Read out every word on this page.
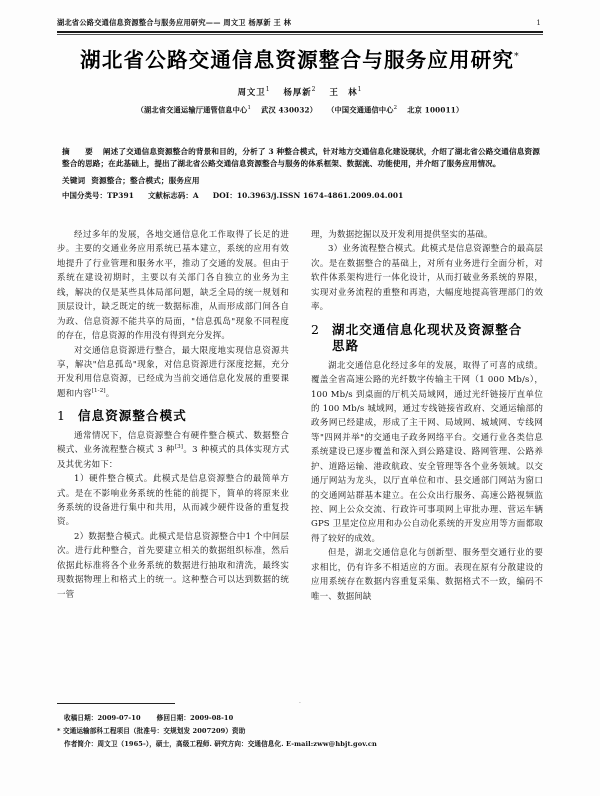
湖北省公路交通信息资源整合与服务应用研究—— 周文卫 杨厚新 王 林	1
湖北省公路交通信息资源整合与服务应用研究*
周文卫$^1$ 杨厚新$^2$ 王　林$^1$
（湖北省交通运输厅通管信息中心$^1$ 武汉 430032） （中国交通通信中心$^2$ 北京 100011）
摘　要 阐述了交通信息资源整合的背景和目的，分析了 3 种整合模式，针对地方交通信息化建设现状，介绍了湖北省公路交通信息资源整合的思路；在此基础上，提出了湖北省公路交通信息资源整合与服务的体系框架、数据流、功能使用，并介绍了服务应用情况。
关键词 资源整合；整合模式；服务应用
中国分类号：TP391 文献标志码：A DOI：10.3963/j.ISSN 1674-4861.2009.04.001

经过多年的发展，各地交通信息化工作取得了长足的进步。主要的交通业务应用系统已基本建立，系统的应用有效地提升了行业管理和服务水平，推动了交通的发展。但由于系统在建设初期时，主要以有关部门各自独立的业务为主线，解决的仅是某些具体局部问题，缺乏全局的统一规划和顶层设计，缺乏既定的统一数据标准，从而形成部门间各自为政、信息资源不能共享的局面，"信息孤岛"现象不同程度的存在，信息资源的作用没有得到充分发挥。

对交通信息资源进行整合，最大限度地实现信息资源共享，解决"信息孤岛"现象，对信息资源进行深度挖掘，充分开发利用信息资源，已经成为当前交通信息化发展的重要课题和内容[1-2]。

1 信息资源整合模式

通常情况下，信息资源整合有硬件整合模式、数据整合模式、业务流程整合模式 3 种[3]。3 种模式的具体实现方式及其优劣如下：

1）硬件整合模式。此模式是信息资源整合的最简单方式。是在不影响业务系统的性能的前提下，简单的将原来业务系统的设备进行集中和共用，从而减少硬件设备的重复投资。

2）数据整合模式。此模式是信息资源整合中1 个中间层次。进行此种整合，首先要建立相关的数据组织标准，然后依据此标准将各个业务系统的数据进行抽取和清洗，最终实现数据物理上和格式上的统一。这种整合可以达到数据的统一管

理，为数据挖掘以及开发利用提供坚实的基础。

3）业务流程整合模式。此模式是信息资源整合的最高层次。是在数据整合的基础上，对所有业务进行全面分析，对软件体系架构进行一体化设计，从而打破业务系统的界限，实现对业务流程的重整和再造，大幅度地提高管理部门的效率。

2 湖北交通信息化现状及资源整合
思路

湖北交通信息化经过多年的发展，取得了可喜的成绩。覆盖全省高速公路的光纤数字传输主干网（1 000 Mb/s），100 Mb/s 到桌面的厅机关局域网，通过光纤链接厅直单位的 100 Mb/s 城域网，通过专线链接省政府、交通运输部的政务网已经建成，形成了主干网、局域网、城域网、专线网等"四网并举"的交通电子政务网络平台。交通行业各类信息系统建设已逐步覆盖和深入到公路建设、路网管理、公路养护、道路运输、港政航政、安全管理等各个业务领域。以交通厅网站为龙头，以厅直单位和市、县交通部门网站为窗口的交通网站群基本建立。在公众出行服务、高速公路视频监控、网上公众交流、行政许可事项网上审批办理、营运车辆 GPS 卫星定位应用和办公自动化系统的开发应用等方面都取得了较好的成效。

但是，湖北交通信息化与创新型、服务型交通行业的要求相比，仍有许多不相适应的方面。表现在原有分散建设的应用系统存在数据内容重复采集、数据格式不一致，编码不唯一、数据间缺

·
收稿日期：2009-07-10 修回日期：2009-08-10
* 交通运输部科工程项目（批准号：交规划发 2007209）资助
作者简介：周文卫（1965-），硕士，高级工程师. 研究方向：交通信息化. E-mail:zww@hbjt.gov.cn
